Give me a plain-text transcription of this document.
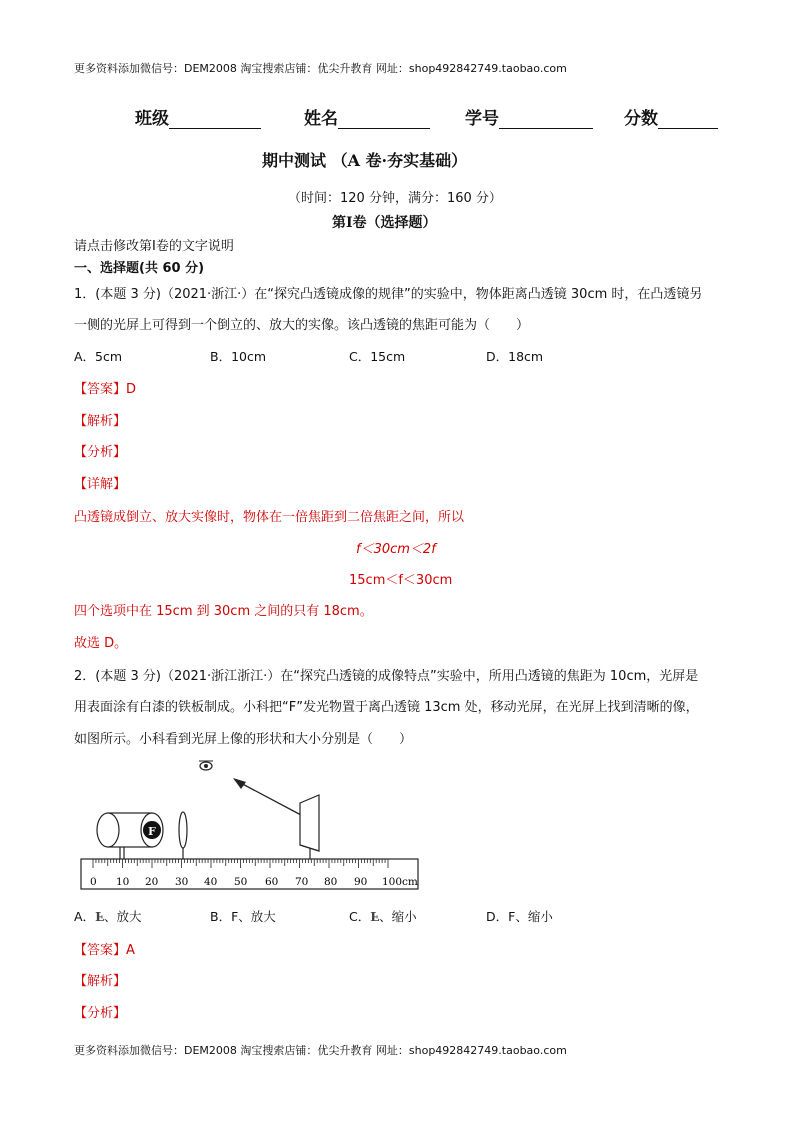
更多资料添加微信号：DEM2008 淘宝搜索店铺：优尖升教育 网址：shop492842749.taobao.com
班级	姓名	学号	分数
期中测试 （A 卷·夯实基础）
（时间：120 分钟，满分：160 分）
第Ⅰ卷（选择题）
请点击修改第Ⅰ卷的文字说明
一、选择题(共 60 分)
1．(本题 3 分)（2021·浙江·）在“探究凸透镜成像的规律”的实验中，物体距离凸透镜 30cm 时，在凸透镜另
一侧的光屏上可得到一个倒立的、放大的实像。该凸透镜的焦距可能为（　　）
A．5cm	B．10cm	C．15cm	D．18cm
【答案】D
【解析】
【分析】
【详解】
凸透镜成倒立、放大实像时，物体在一倍焦距到二倍焦距之间，所以
f＜30cm＜2f
15cm＜f＜30cm
四个选项中在 15cm 到 30cm 之间的只有 18cm。
故选 D。
2．(本题 3 分)（2021·浙江浙江·）在“探究凸透镜的成像特点”实验中，所用凸透镜的焦距为 10cm，光屏是
用表面涂有白漆的铁板制成。小科把“F”发光物置于离凸透镜 13cm 处，移动光屏，在光屏上找到清晰的像，
如图所示。小科看到光屏上像的形状和大小分别是（　　）
F
0 10 20 30 40 50 60 70 80 90 100 cm
A．F、放大	B．F、放大	C．F、缩小	D．F、缩小
【答案】A
【解析】
【分析】
更多资料添加微信号：DEM2008 淘宝搜索店铺：优尖升教育 网址：shop492842749.taobao.com
